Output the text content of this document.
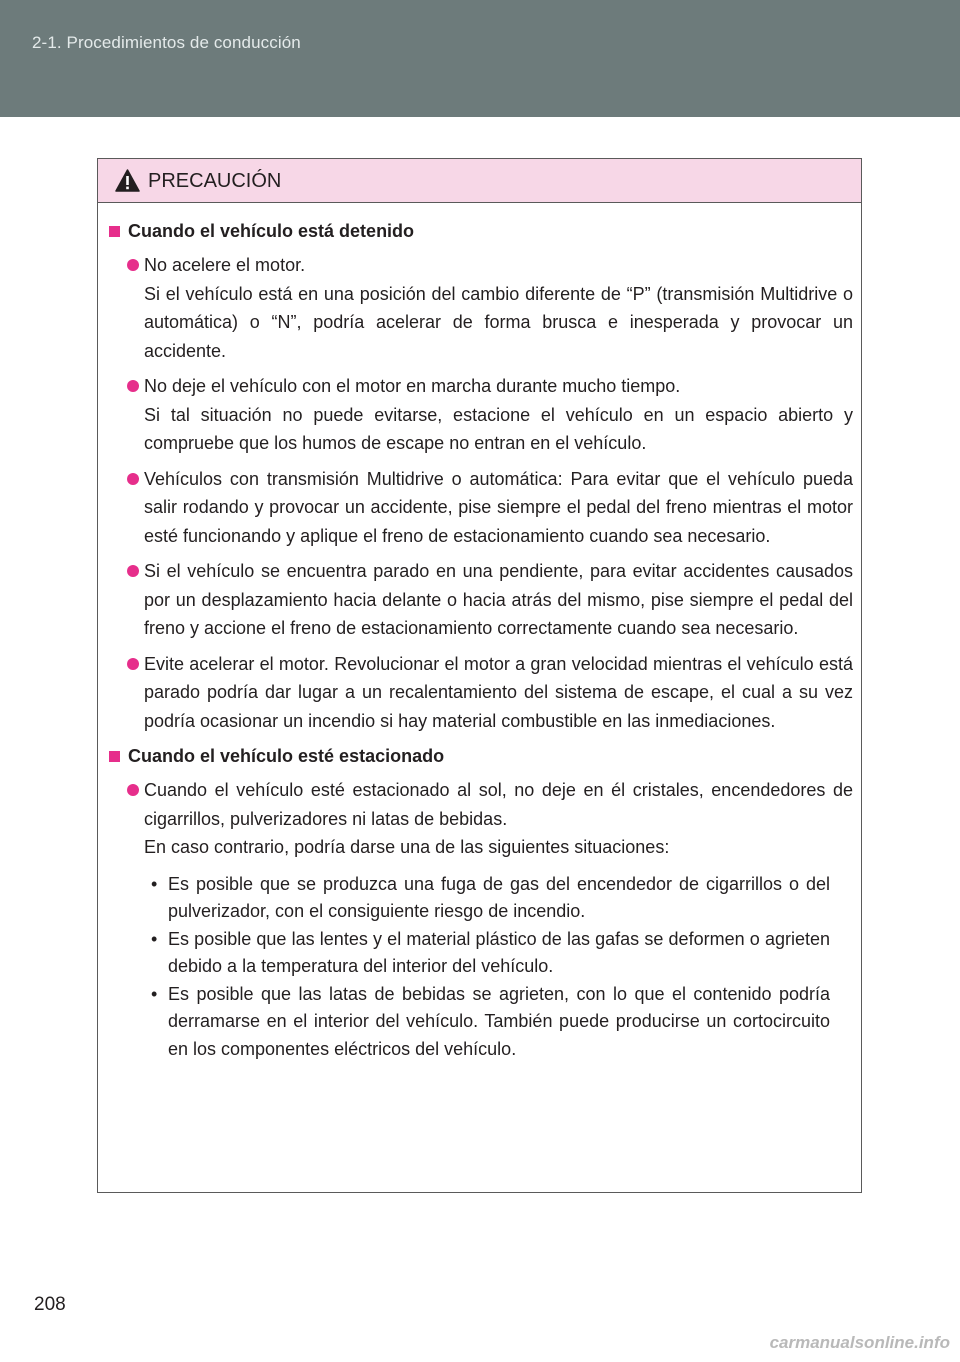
2-1. Procedimientos de conducción
PRECAUCIÓN
Cuando el vehículo está detenido

No acelere el motor.

Si el vehículo está en una posición del cambio diferente de “P” (transmisión Multidrive o automática) o “N”, podría acelerar de forma brusca e inesperada y provocar un accidente.

No deje el vehículo con el motor en marcha durante mucho tiempo.

Si tal situación no puede evitarse, estacione el vehículo en un espacio abierto y compruebe que los humos de escape no entran en el vehículo.

Vehículos con transmisión Multidrive o automática: Para evitar que el vehículo pueda salir rodando y provocar un accidente, pise siempre el pedal del freno mientras el motor esté funcionando y aplique el freno de estacionamiento cuando sea necesario.

Si el vehículo se encuentra parado en una pendiente, para evitar accidentes causados por un desplazamiento hacia delante o hacia atrás del mismo, pise siempre el pedal del freno y accione el freno de estacionamiento correctamente cuando sea necesario.

Evite acelerar el motor. Revolucionar el motor a gran velocidad mientras el vehículo está parado podría dar lugar a un recalentamiento del sistema de escape, el cual a su vez podría ocasionar un incendio si hay material combustible en las inmediaciones.

Cuando el vehículo esté estacionado

Cuando el vehículo esté estacionado al sol, no deje en él cristales, encendedores de cigarrillos, pulverizadores ni latas de bebidas.

En caso contrario, podría darse una de las siguientes situaciones:

• Es posible que se produzca una fuga de gas del encendedor de cigarrillos o del pulverizador, con el consiguiente riesgo de incendio.
• Es posible que las lentes y el material plástico de las gafas se deformen o agrieten debido a la temperatura del interior del vehículo.
• Es posible que las latas de bebidas se agrieten, con lo que el contenido podría derramarse en el interior del vehículo. También puede producirse un cortocircuito en los componentes eléctricos del vehículo.
208
carmanualsonline.info
